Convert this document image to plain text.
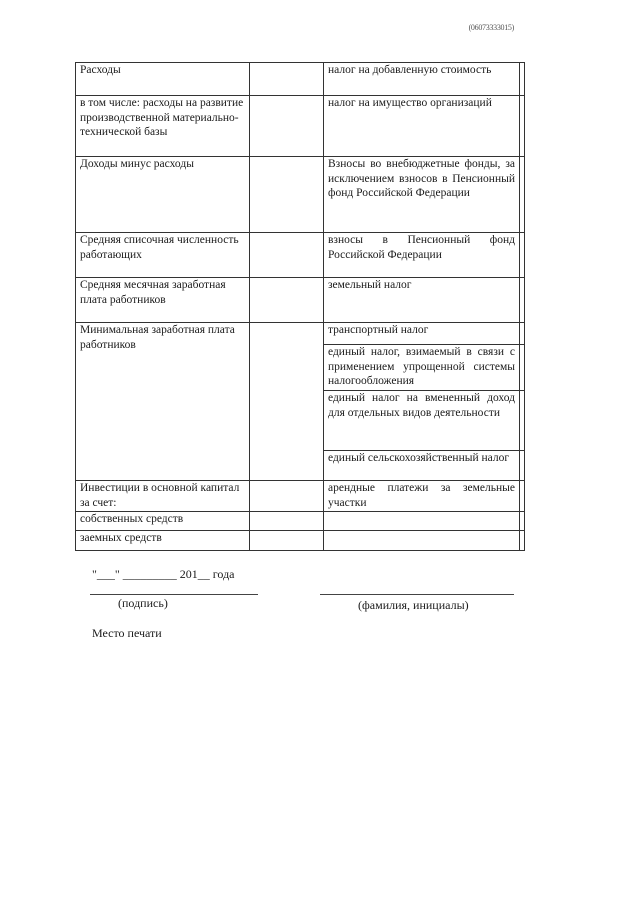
(06073333015)
Расходы		налог на добавленную стоимость	
в том числе: расходы на развитие производственной материально-технической базы		налог на имущество организаций	
Доходы минус расходы		Взносы во внебюджетные фонды, за исключением взносов в Пенсионный фонд Российской Федерации	
Средняя списочная численность работающих		взносы в Пенсионный фонд Российской Федерации	
Средняя месячная заработная плата работников		земельный налог	
Минимальная заработная плата работников		транспортный налог	
		единый налог, взимаемый в связи с применением упрощенной системы налогообложения	
		единый налог на вмененный доход для отдельных видов деятельности	
		единый сельскохозяйственный налог	
Инвестиции в основной капитал за счет:		арендные платежи за земельные участки	
собственных средств			
заемных средств			
"___" _________ 201__ года
(подпись)	(фамилия, инициалы)
Место печати
